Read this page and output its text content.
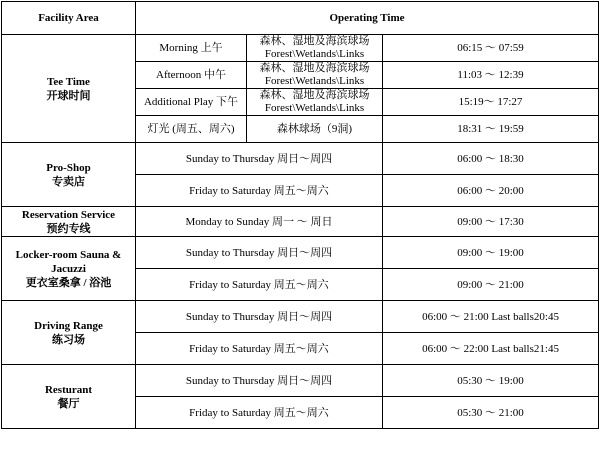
Facility Area	Operating Time		

Tee Time
开球时间	Morning 上午	森林、湿地及海滨球场
Forest\Wetlands\Links	06:15 ～ 07:59
	Afternoon 中午	森林、湿地及海滨球场
Forest\Wetlands\Links	11:03 ～ 12:39
	Additional Play 下午	森林、湿地及海滨球场
Forest\Wetlands\Links	15:19～ 17:27
	灯光 (周五、周六)	森林球场（9洞)	18:31 ～ 19:59

Pro-Shop
专卖店	Sunday to Thursday 周日～周四		06:00 ～ 18:30
	Friday to Saturday 周五～周六		06:00 ～ 20:00

Reservation Service
预约专线	Monday to Sunday 周一 ～ 周日		09:00 ～ 17:30

Locker-room Sauna & Jacuzzi
更衣室桑拿 / 浴池	Sunday to Thursday 周日～周四		09:00 ～ 19:00
	Friday to Saturday 周五～周六		09:00 ～ 21:00

Driving Range
练习场	Sunday to Thursday 周日～周四		06:00 ～ 21:00 Last balls20:45
	Friday to Saturday 周五～周六		06:00 ～ 22:00 Last balls21:45

Resturant
餐厅	Sunday to Thursday 周日～周四		05:30 ～ 19:00
	Friday to Saturday 周五～周六		05:30 ～ 21:00
